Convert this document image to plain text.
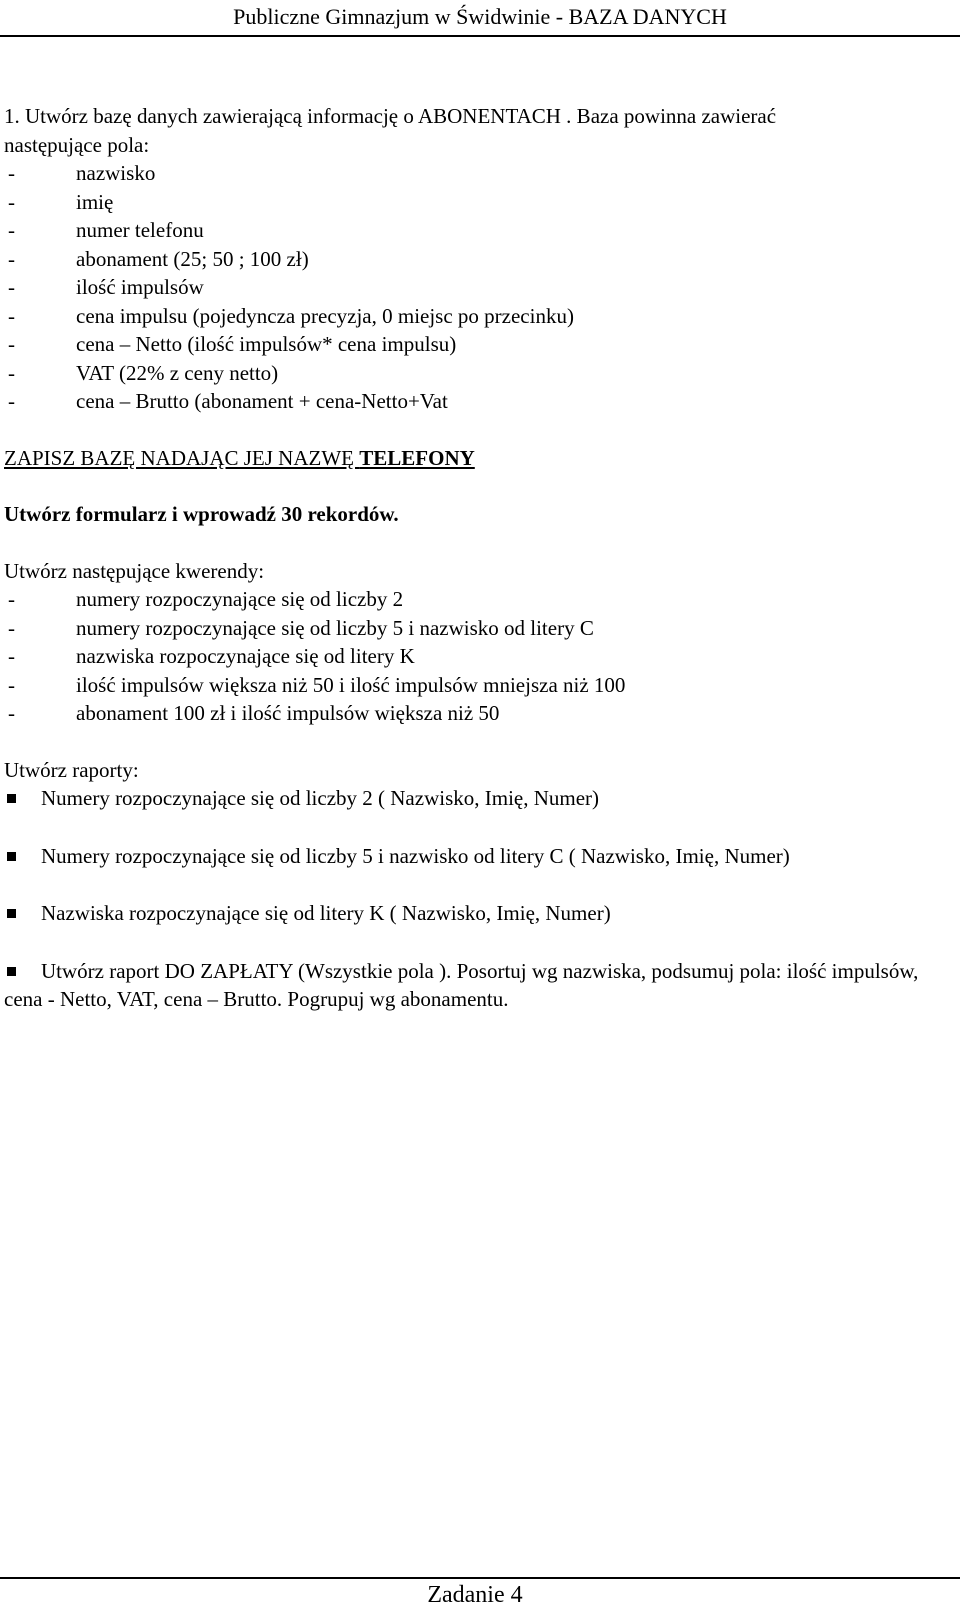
Publiczne Gimnazjum w Świdwinie - BAZA DANYCH
1. Utwórz bazę danych zawierającą informację o ABONENTACH . Baza powinna zawierać
następujące pola:
-	nazwisko
-	imię
-	numer telefonu
-	abonament (25; 50 ; 100 zł)
-	ilość impulsów
-	cena impulsu (pojedyncza precyzja, 0 miejsc po przecinku)
-	cena – Netto (ilość impulsów* cena impulsu)
-	VAT (22% z ceny netto)
-	cena – Brutto (abonament + cena-Netto+Vat
ZAPISZ BAZĘ NADAJĄC JEJ NAZWĘ TELEFONY
Utwórz formularz i wprowadź 30 rekordów.
Utwórz następujące kwerendy:
-	numery rozpoczynające się od liczby 2
-	numery rozpoczynające się od liczby 5 i nazwisko od litery C
-	nazwiska rozpoczynające się od litery K
-	ilość impulsów większa niż 50 i ilość impulsów mniejsza niż 100
-	abonament 100 zł i ilość impulsów większa niż 50
Utwórz raporty:
Numery rozpoczynające się od liczby 2 ( Nazwisko, Imię, Numer)
Numery rozpoczynające się od liczby 5 i nazwisko od litery C ( Nazwisko, Imię, Numer)
Nazwiska rozpoczynające się od litery K ( Nazwisko, Imię, Numer)
Utwórz raport DO ZAPŁATY (Wszystkie pola ). Posortuj wg nazwiska, podsumuj pola: ilość impulsów, cena - Netto, VAT, cena – Brutto. Pogrupuj wg abonamentu.
Zadanie 4
